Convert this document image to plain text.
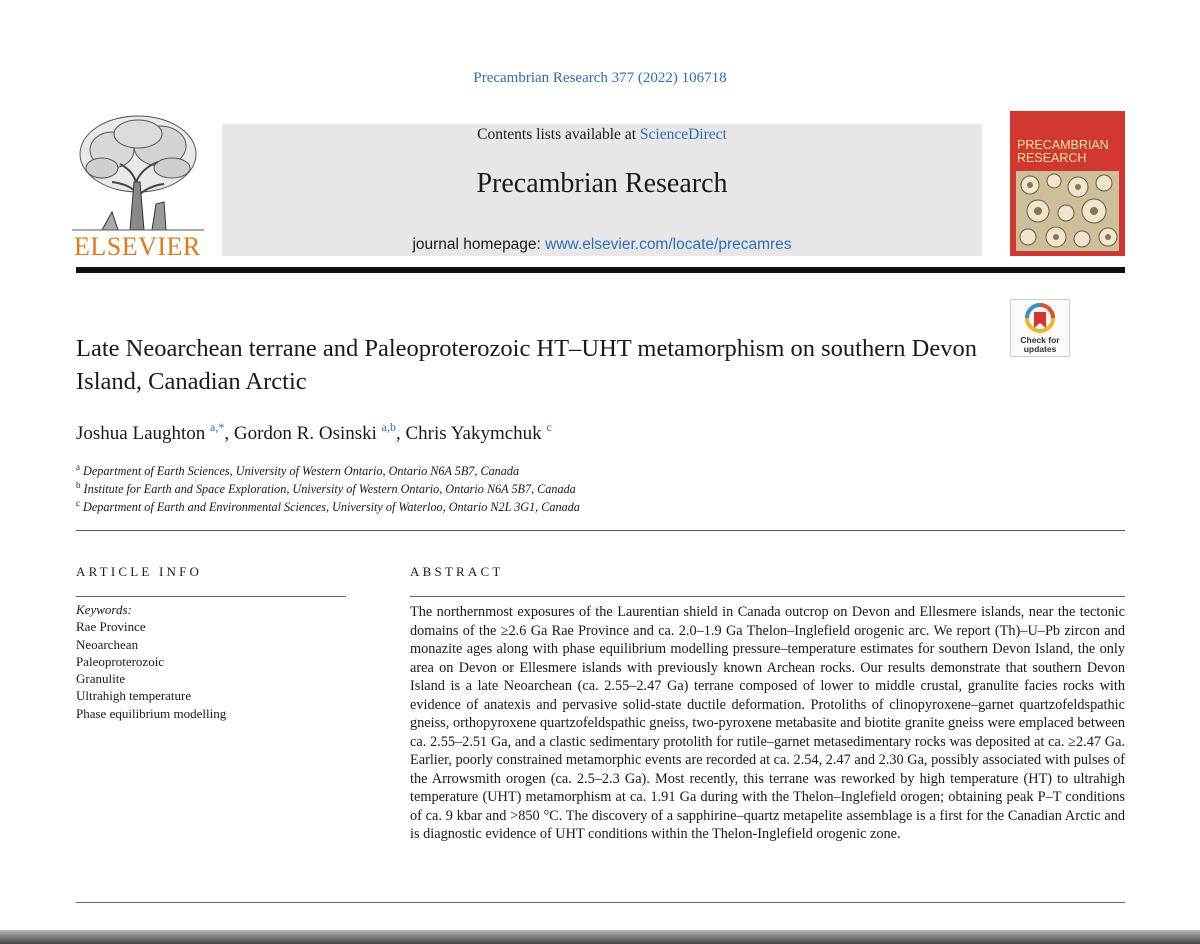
Precambrian Research 377 (2022) 106718
ELSEVIER
Contents lists available at ScienceDirect
Precambrian Research
journal homepage: www.elsevier.com/locate/precamres
PRECAMBRIAN RESEARCH
Check for
updates
Late Neoarchean terrane and Paleoproterozoic HT–UHT metamorphism on southern Devon Island, Canadian Arctic
Joshua Laughton $^{a,*}$, Gordon R. Osinski $^{a,b}$, Chris Yakymchuk $^c$
$^a$ Department of Earth Sciences, University of Western Ontario, Ontario N6A 5B7, Canada
$^b$ Institute for Earth and Space Exploration, University of Western Ontario, Ontario N6A 5B7, Canada
$^c$ Department of Earth and Environmental Sciences, University of Waterloo, Ontario N2L 3G1, Canada
ARTICLE INFO
Keywords:
Rae Province
Neoarchean
Paleoproterozoic
Granulite
Ultrahigh temperature
Phase equilibrium modelling
ABSTRACT
The northernmost exposures of the Laurentian shield in Canada outcrop on Devon and Ellesmere islands, near the tectonic domains of the ≥2.6 Ga Rae Province and ca. 2.0–1.9 Ga Thelon–Inglefield orogenic arc. We report (Th)–U–Pb zircon and monazite ages along with phase equilibrium modelling pressure–temperature estimates for southern Devon Island, the only area on Devon or Ellesmere islands with previously known Archean rocks. Our results demonstrate that southern Devon Island is a late Neoarchean (ca. 2.55–2.47 Ga) terrane composed of lower to middle crustal, granulite facies rocks with evidence of anatexis and pervasive solid-state ductile deformation. Protoliths of clinopyroxene–garnet quartzofeldspathic gneiss, orthopyroxene quartzofeldspathic gneiss, two-pyroxene metabasite and biotite granite gneiss were emplaced between ca. 2.55–2.51 Ga, and a clastic sedimentary protolith for rutile–garnet metasedimentary rocks was deposited at ca. ≥2.47 Ga. Earlier, poorly constrained metamorphic events are recorded at ca. 2.54, 2.47 and 2.30 Ga, possibly associated with pulses of the Arrowsmith orogen (ca. 2.5–2.3 Ga). Most recently, this terrane was reworked by high temperature (HT) to ultrahigh temperature (UHT) metamorphism at ca. 1.91 Ga during with the Thelon–Inglefield orogen; obtaining peak P–T conditions of ca. 9 kbar and >850 °C. The discovery of a sapphirine–quartz metapelite assemblage is a first for the Canadian Arctic and is diagnostic evidence of UHT conditions within the Thelon-Inglefield orogenic zone.
